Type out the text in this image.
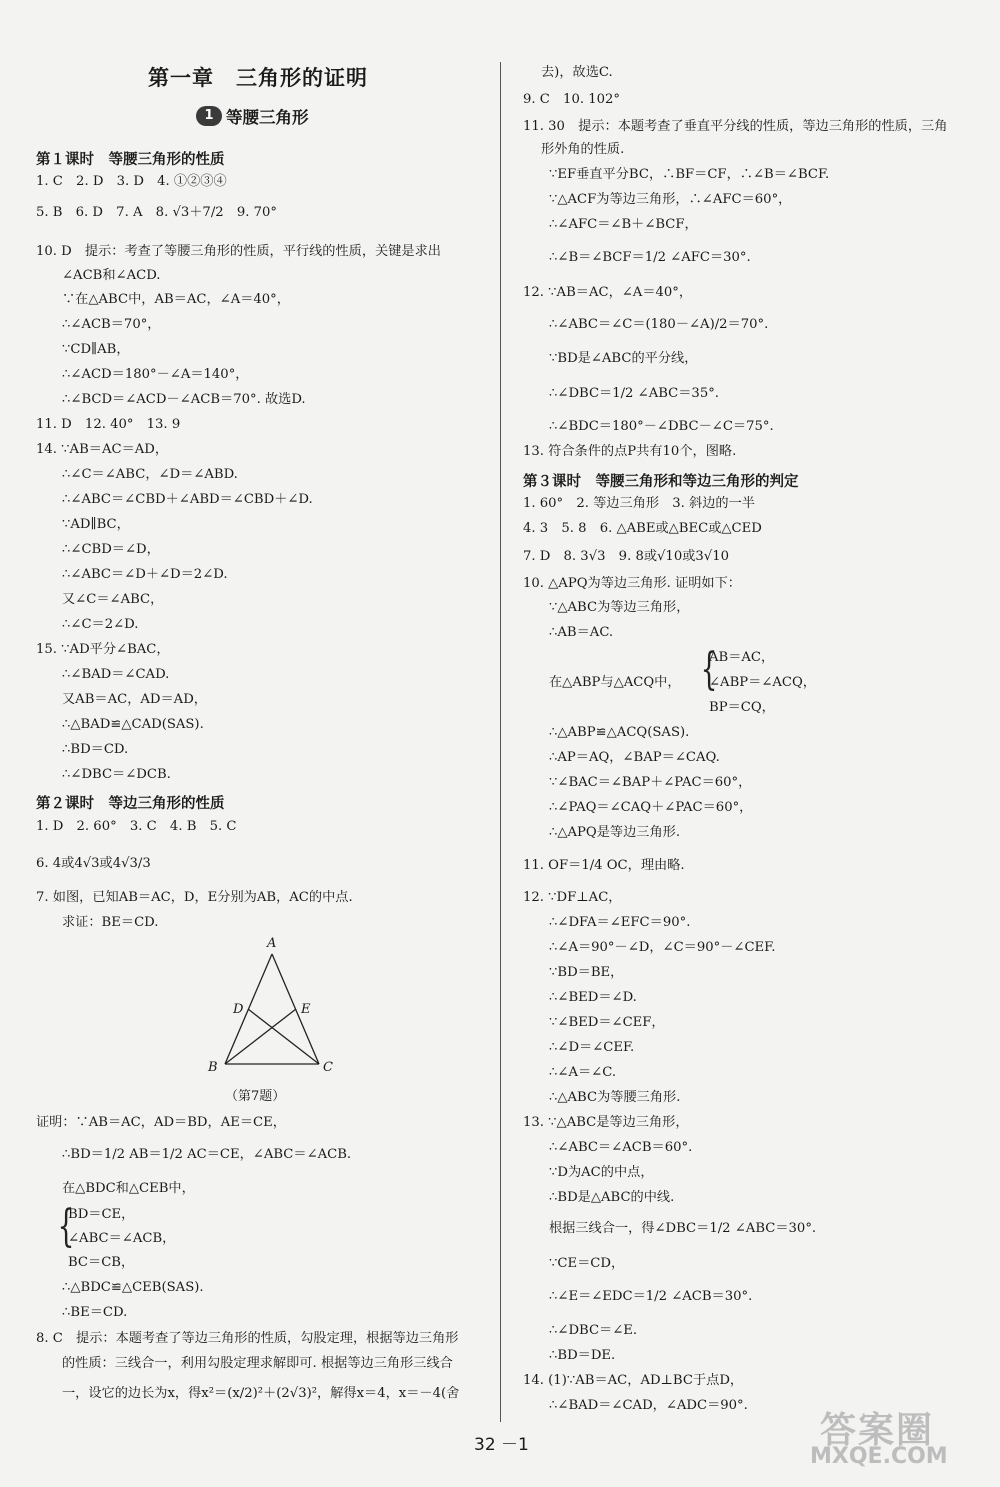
第一章　三角形的证明
1 等腰三角形
第１课时　等腰三角形的性质
1. C　2. D　3. D　4. ①②③④
5. B　6. D　7. A　8. √3＋7/2　9. 70°
10. D　提示：考查了等腰三角形的性质，平行线的性质，关键是求出
∠ACB和∠ACD.
∵在△ABC中，AB＝AC，∠A＝40°，
∴∠ACB＝70°，
∵CD∥AB，
∴∠ACD＝180°－∠A＝140°，
∴∠BCD＝∠ACD－∠ACB＝70°. 故选D.
11. D　12. 40°　13. 9
14. ∵AB＝AC＝AD，
∴∠C＝∠ABC，∠D＝∠ABD.
∴∠ABC＝∠CBD＋∠ABD＝∠CBD＋∠D.
∵AD∥BC，
∴∠CBD＝∠D，
∴∠ABC＝∠D＋∠D＝2∠D.
又∠C＝∠ABC，
∴∠C＝2∠D.
15. ∵AD平分∠BAC，
∴∠BAD＝∠CAD.
又AB＝AC，AD＝AD，
∴△BAD≌△CAD(SAS).
∴BD＝CD.
∴∠DBC＝∠DCB.
第２课时　等边三角形的性质
1. D　2. 60°　3. C　4. B　5. C
6. 4或4√3或4√3/3
7. 如图，已知AB＝AC，D，E分别为AB，AC的中点.
求证：BE＝CD.
A
B	C
D	E
（第7题）
证明：∵AB＝AC，AD＝BD，AE＝CE，
∴BD＝1/2 AB＝1/2 AC＝CE，∠ABC＝∠ACB.
在△BDC和△CEB中，
{
BD＝CE，
∠ABC＝∠ACB，
BC＝CB，
∴△BDC≌△CEB(SAS).
∴BE＝CD.
8. C　提示：本题考查了等边三角形的性质，勾股定理，根据等边三角形
的性质：三线合一，利用勾股定理求解即可. 根据等边三角形三线合
一，设它的边长为x，得x²＝(x/2)²＋(2√3)²，解得x＝4，x＝－4(舍
去)，故选C.
9. C　10. 102°
11. 30　提示：本题考查了垂直平分线的性质，等边三角形的性质，三角
形外角的性质.
∵EF垂直平分BC，∴BF＝CF，∴∠B＝∠BCF.
∵△ACF为等边三角形，∴∠AFC＝60°，
∴∠AFC＝∠B＋∠BCF，
∴∠B＝∠BCF＝1/2 ∠AFC＝30°.
12. ∵AB＝AC，∠A＝40°，
∴∠ABC＝∠C＝(180－∠A)/2＝70°.
∵BD是∠ABC的平分线，
∴∠DBC＝1/2 ∠ABC＝35°.
∴∠BDC＝180°－∠DBC－∠C＝75°.
13. 符合条件的点P共有10个，图略.
第３课时　等腰三角形和等边三角形的判定
1. 60°　2. 等边三角形　3. 斜边的一半
4. 3　5. 8　6. △ABE或△BEC或△CED
7. D　8. 3√3　9. 8或√10或3√10
10. △APQ为等边三角形. 证明如下：
∵△ABC为等边三角形，
∴AB＝AC.
AB＝AC，
在△ABP与△ACQ中， {
∠ABP＝∠ACQ，
BP＝CQ，
∴△ABP≌△ACQ(SAS).
∴AP＝AQ，∠BAP＝∠CAQ.
∵∠BAC＝∠BAP＋∠PAC＝60°，
∴∠PAQ＝∠CAQ＋∠PAC＝60°，
∴△APQ是等边三角形.
11. OF＝1/4 OC，理由略.
12. ∵DF⊥AC，
∴∠DFA＝∠EFC＝90°.
∴∠A＝90°－∠D，∠C＝90°－∠CEF.
∵BD＝BE，
∴∠BED＝∠D.
∵∠BED＝∠CEF，
∴∠D＝∠CEF.
∴∠A＝∠C.
∴△ABC为等腰三角形.
13. ∵△ABC是等边三角形，
∴∠ABC＝∠ACB＝60°.
∵D为AC的中点，
∴BD是△ABC的中线.
根据三线合一，得∠DBC＝1/2 ∠ABC＝30°.
∵CE＝CD，
∴∠E＝∠EDC＝1/2 ∠ACB＝30°.
∴∠DBC＝∠E.
∴BD＝DE.
14. (1)∵AB＝AC，AD⊥BC于点D，
∴∠BAD＝∠CAD，∠ADC＝90°.
32 －1	答案圈
MXQE.COM
